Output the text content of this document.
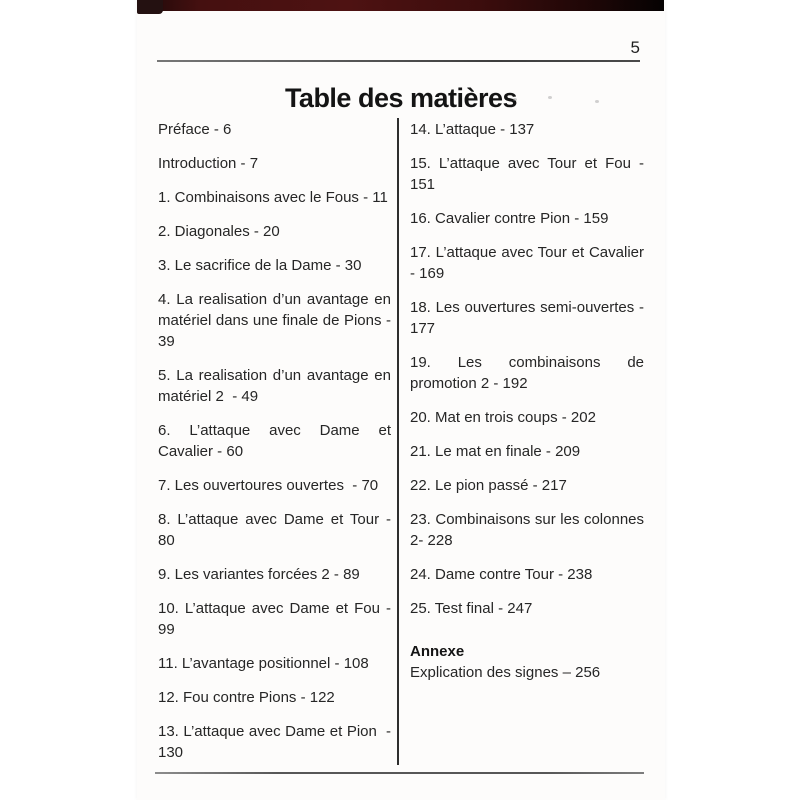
5
Table des matières

Préface - 6

Introduction - 7

1. Combinaisons avec le Fous - 11

2. Diagonales - 20

3. Le sacrifice de la Dame - 30

4. La realisation d’un avantage en matériel dans une finale de Pions - 39

5. La realisation d’un avantage en matériel 2  - 49

6. L’attaque avec Dame et Cavalier - 60

7. Les ouvertoures ouvertes  - 70

8. L’attaque avec Dame et Tour - 80

9. Les variantes forcées 2 - 89

10. L’attaque avec Dame et Fou - 99

11. L’avantage positionnel - 108

12. Fou contre Pions - 122

13. L’attaque avec Dame et Pion  - 130

14. L’attaque - 137

15. L’attaque avec Tour et Fou - 151

16. Cavalier contre Pion - 159

17. L’attaque avec Tour et Cavalier - 169

18. Les ouvertures semi-ouvertes - 177

19. Les combinaisons de promotion 2 - 192

20. Mat en trois coups - 202

21. Le mat en finale - 209

22. Le pion passé - 217

23. Combinaisons sur les colonnes 2- 228

24. Dame contre Tour - 238

25. Test final - 247

Annexe

Explication des signes – 256
